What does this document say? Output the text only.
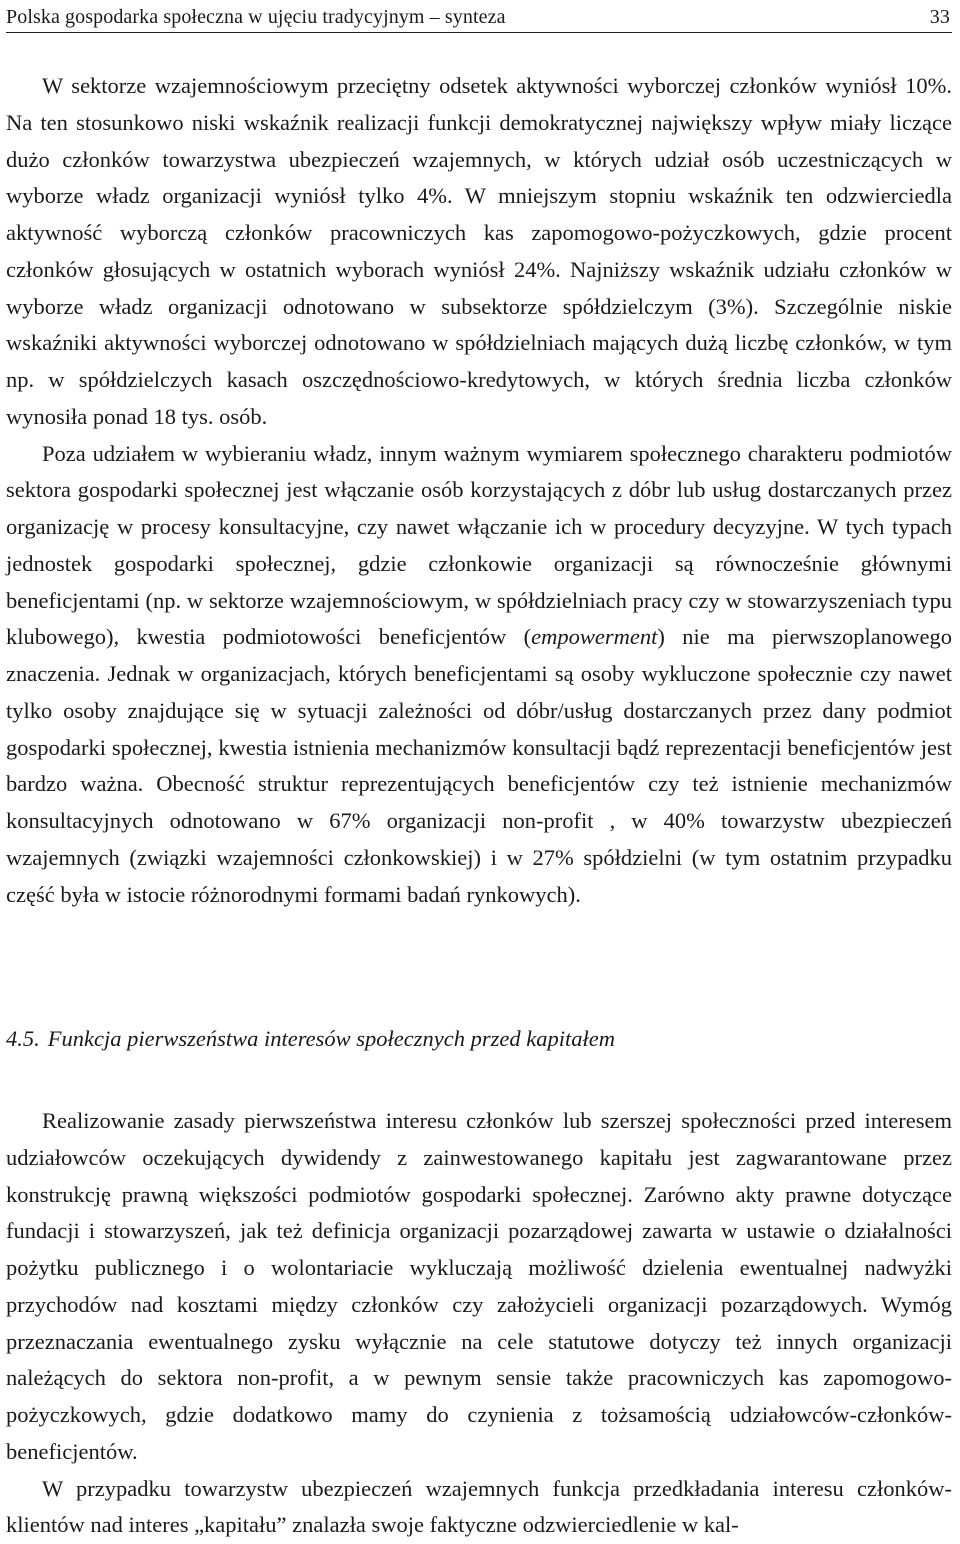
Polska gospodarka społeczna w ujęciu tradycyjnym – synteza	33

W sektorze wzajemnościowym przeciętny odsetek aktywności wyborczej członków wyniósł 10%. Na ten stosunkowo niski wskaźnik realizacji funkcji demokratycznej największy wpływ miały liczące dużo członków towarzystwa ubezpieczeń wzajemnych, w których udział osób uczestniczących w wyborze władz organizacji wyniósł tylko 4%. W mniejszym stopniu wskaźnik ten odzwierciedla aktywność wyborczą członków pracowniczych kas zapomogowo-pożyczkowych, gdzie procent członków głosujących w ostatnich wyborach wyniósł 24%. Najniższy wskaźnik udziału członków w wyborze władz organizacji odnotowano w subsektorze spółdzielczym (3%). Szczególnie niskie wskaźniki aktywności wyborczej odnotowano w spółdzielniach mających dużą liczbę członków, w tym np. w spółdzielczych kasach oszczędnościowo-kredytowych, w których średnia liczba członków wynosiła ponad 18 tys. osób.

Poza udziałem w wybieraniu władz, innym ważnym wymiarem społecznego charakteru podmiotów sektora gospodarki społecznej jest włączanie osób korzystających z dóbr lub usług dostarczanych przez organizację w procesy konsultacyjne, czy nawet włączanie ich w procedury decyzyjne. W tych typach jednostek gospodarki społecznej, gdzie członkowie organizacji są równocześnie głównymi beneficjentami (np. w sektorze wzajemnościowym, w spółdzielniach pracy czy w stowarzyszeniach typu klubowego), kwestia podmiotowości beneficjentów (empowerment) nie ma pierwszoplanowego znaczenia. Jednak w organizacjach, których beneficjentami są osoby wykluczone społecznie czy nawet tylko osoby znajdujące się w sytuacji zależności od dóbr/usług dostarczanych przez dany podmiot gospodarki społecznej, kwestia istnienia mechanizmów konsultacji bądź reprezentacji beneficjentów jest bardzo ważna. Obecność struktur reprezentujących beneficjentów czy też istnienie mechanizmów konsultacyjnych odnotowano w 67% organizacji non-profit , w 40% towarzystw ubezpieczeń wzajemnych (związki wzajemności członkowskiej) i w 27% spółdzielni (w tym ostatnim przypadku część była w istocie różnorodnymi formami badań rynkowych).

4.5. Funkcja pierwszeństwa interesów społecznych przed kapitałem

Realizowanie zasady pierwszeństwa interesu członków lub szerszej społeczności przed interesem udziałowców oczekujących dywidendy z zainwestowanego kapitału jest zagwarantowane przez konstrukcję prawną większości podmiotów gospodarki społecznej. Zarówno akty prawne dotyczące fundacji i stowarzyszeń, jak też definicja organizacji pozarządowej zawarta w ustawie o działalności pożytku publicznego i o wolontariacie wykluczają możliwość dzielenia ewentualnej nadwyżki przychodów nad kosztami między członków czy założycieli organizacji pozarządowych. Wymóg przeznaczania ewentualnego zysku wyłącznie na cele statutowe dotyczy też innych organizacji należących do sektora non-profit, a w pewnym sensie także pracowniczych kas zapomogowo-pożyczkowych, gdzie dodatkowo mamy do czynienia z tożsamością udziałowców-członków-beneficjentów.

W przypadku towarzystw ubezpieczeń wzajemnych funkcja przedkładania interesu członków-klientów nad interes „kapitału” znalazła swoje faktyczne odzwierciedlenie w kal-
